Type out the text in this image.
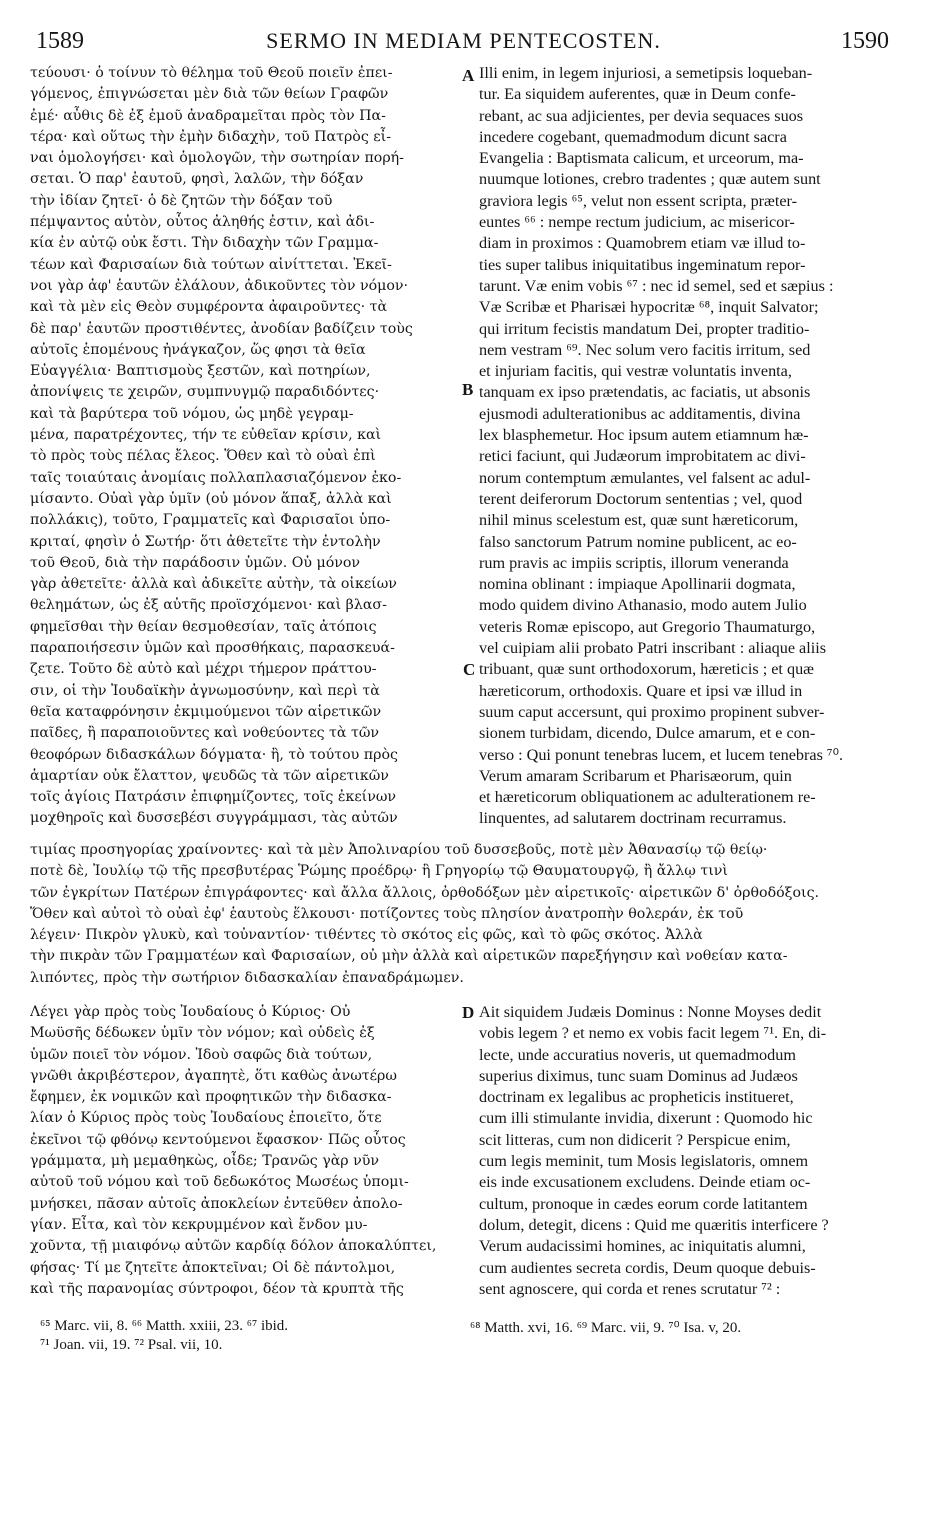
1589	SERMO IN MEDIAM PENTECOSTEN.	1590
τεύουσι· ὁ τοίνυν τὸ θέλημα τοῦ Θεοῦ ποιεῖν ἐπει-
γόμενος, ἐπιγνώσεται μὲν διὰ τῶν θείων Γραφῶν
ἐμέ· αὖθις δὲ ἐξ ἐμοῦ ἀναδραμεῖται πρὸς τὸν Πα-
τέρα· καὶ οὕτως τὴν ἐμὴν διδαχὴν, τοῦ Πατρὸς εἶ-
ναι ὁμολογήσει· καὶ ὁμολογῶν, τὴν σωτηρίαν πορή-
σεται. Ὁ παρ' ἑαυτοῦ, φησὶ, λαλῶν, τὴν δόξαν
τὴν ἰδίαν ζητεῖ· ὁ δὲ ζητῶν τὴν δόξαν τοῦ
πέμψαντος αὐτὸν, οὗτος ἀληθής ἐστιν, καὶ ἀδι-
κία ἐν αὐτῷ οὐκ ἔστι. Τὴν διδαχὴν τῶν Γραμμα-
τέων καὶ Φαρισαίων διὰ τούτων αἰνίττεται. Ἐκεῖ-
νοι γὰρ ἀφ' ἑαυτῶν ἐλάλουν, ἀδικοῦντες τὸν νόμον·
καὶ τὰ μὲν εἰς Θεὸν συμφέροντα ἀφαιροῦντες· τὰ
δὲ παρ' ἑαυτῶν προστιθέντες, ἀνοδίαν βαδίζειν τοὺς
αὐτοῖς ἑπομένους ἠνάγκαζον, ὥς φησι τὰ θεῖα
Εὐαγγέλια· Βαπτισμοὺς ξεστῶν, καὶ ποτηρίων,
ἀπονίψεις τε χειρῶν, συμπνυγμῷ παραδιδόντες·
καὶ τὰ βαρύτερα τοῦ νόμου, ὡς μηδὲ γεγραμ-
μένα, παρατρέχοντες, τήν τε εὐθεῖαν κρίσιν, καὶ
τὸ πρὸς τοὺς πέλας ἔλεος. Ὅθεν καὶ τὸ οὐαὶ ἐπὶ
ταῖς τοιαύταις ἀνομίαις πολλαπλασιαζόμενον ἐκο-
μίσαντο. Οὐαὶ γὰρ ὑμῖν (οὐ μόνον ἅπαξ, ἀλλὰ καὶ
πολλάκις), τοῦτο, Γραμματεῖς καὶ Φαρισαῖοι ὑπο-
κριταί, φησὶν ὁ Σωτήρ· ὅτι ἀθετεῖτε τὴν ἐντολὴν
τοῦ Θεοῦ, διὰ τὴν παράδοσιν ὑμῶν. Οὐ μόνον
γὰρ ἀθετεῖτε· ἀλλὰ καὶ ἀδικεῖτε αὐτὴν, τὰ οἰκείων
θελημάτων, ὡς ἐξ αὐτῆς προϊσχόμενοι· καὶ βλασ-
φημεῖσθαι τὴν θείαν θεσμοθεσίαν, ταῖς ἀτόποις
παραποιήσεσιν ὑμῶν καὶ προσθήκαις, παρασκευά-
ζετε. Τοῦτο δὲ αὐτὸ καὶ μέχρι τήμερον πράττου-
σιν, οἱ τὴν Ἰουδαϊκὴν ἀγνωμοσύνην, καὶ περὶ τὰ
θεῖα καταφρόνησιν ἐκμιμούμενοι τῶν αἱρετικῶν
παῖδες, ἢ παραποιοῦντες καὶ νοθεύοντες τὰ τῶν
θεοφόρων διδασκάλων δόγματα· ἢ, τὸ τούτου πρὸς
ἁμαρτίαν οὐκ ἔλαττον, ψευδῶς τὰ τῶν αἱρετικῶν
τοῖς ἁγίοις Πατράσιν ἐπιφημίζοντες, τοῖς ἐκείνων
μοχθηροῖς καὶ δυσσεβέσι συγγράμμασι, τὰς αὐτῶν
Illi enim, in legem injuriosi, a semetipsis loqueban-
tur. Ea siquidem auferentes, quæ in Deum confe-
rebant, ac sua adjicientes, per devia sequaces suos
incedere cogebant, quemadmodum dicunt sacra
Evangelia : Baptismata calicum, et urceorum, ma-
nuumque lotiones, crebro tradentes ; quæ autem sunt
graviora legis ⁶⁵, velut non essent scripta, præter-
euntes ⁶⁶ : nempe rectum judicium, ac misericor-
diam in proximos : Quamobrem etiam væ illud to-
ties super talibus iniquitatibus ingeminatum repor-
tarunt. Væ enim vobis ⁶⁷ : nec id semel, sed et sæpius :
Væ Scribæ et Pharisæi hypocritæ ⁶⁸, inquit Salvator;
qui irritum fecistis mandatum Dei, propter traditio-
nem vestram ⁶⁹. Nec solum vero facitis irritum, sed
et injuriam facitis, qui vestræ voluntatis inventa,
tanquam ex ipso prætendatis, ac faciatis, ut absonis
ejusmodi adulterationibus ac additamentis, divina
lex blasphemetur. Hoc ipsum autem etiamnum hæ-
retici faciunt, qui Judæorum improbitatem ac divi-
norum contemptum æmulantes, vel falsent ac adul-
terent deiferorum Doctorum sententias ; vel, quod
nihil minus scelestum est, quæ sunt hæreticorum,
falso sanctorum Patrum nomine publicent, ac eo-
rum pravis ac impiis scriptis, illorum veneranda
nomina oblinant : impiaque Apollinarii dogmata,
modo quidem divino Athanasio, modo autem Julio
veteris Romæ episcopo, aut Gregorio Thaumaturgo,
vel cuipiam alii probato Patri inscribant : aliaque aliis
tribuant, quæ sunt orthodoxorum, hæreticis ; et quæ
hæreticorum, orthodoxis. Quare et ipsi væ illud in
suum caput accersunt, qui proximo propinent subver-
sionem turbidam, dicendo, Dulce amarum, et e con-
verso : Qui ponunt tenebras lucem, et lucem tenebras ⁷⁰.
Verum amaram Scribarum et Pharisæorum, quin
et hæreticorum obliquationem ac adulterationem re-
linquentes, ad salutarem doctrinam recurramus.
τιμίας προσηγορίας χραίνοντες· καὶ τὰ μὲν Ἀπολιναρίου τοῦ δυσσεβοῦς, ποτὲ μὲν Ἀθανασίῳ τῷ θείῳ·
ποτὲ δὲ, Ἰουλίῳ τῷ τῆς πρεσβυτέρας Ῥώμης προέδρῳ· ἢ Γρηγορίῳ τῷ Θαυματουργῷ, ἢ ἄλλῳ τινὶ
τῶν ἐγκρίτων Πατέρων ἐπιγράφοντες· καὶ ἄλλα ἄλλοις, ὀρθοδόξων μὲν αἱρετικοῖς· αἱρετικῶν δ' ὀρθοδόξοις.
Ὅθεν καὶ αὐτοὶ τὸ οὐαὶ ἐφ' ἑαυτοὺς ἕλκουσι· ποτίζοντες τοὺς πλησίον ἀνατροπὴν θολεράν, ἐκ τοῦ
λέγειν· Πικρὸν γλυκὺ, καὶ τοὐναντίον· τιθέντες τὸ σκότος εἰς φῶς, καὶ τὸ φῶς σκότος. Ἀλλὰ
τὴν πικρὰν τῶν Γραμματέων καὶ Φαρισαίων, οὐ μὴν ἀλλὰ καὶ αἱρετικῶν παρεξήγησιν καὶ νοθείαν κατα-
λιπόντες, πρὸς τὴν σωτήριον διδασκαλίαν ἐπαναδράμωμεν.
Λέγει γὰρ πρὸς τοὺς Ἰουδαίους ὁ Κύριος· Οὐ
Μωϋσῆς δέδωκεν ὑμῖν τὸν νόμον; καὶ οὐδεὶς ἐξ
ὑμῶν ποιεῖ τὸν νόμον. Ἰδοὺ σαφῶς διὰ τούτων,
γνῶθι ἀκριβέστερον, ἀγαπητὲ, ὅτι καθὼς ἀνωτέρω
ἔφημεν, ἐκ νομικῶν καὶ προφητικῶν τὴν διδασκα-
λίαν ὁ Κύριος πρὸς τοὺς Ἰουδαίους ἐποιεῖτο, ὅτε
ἐκεῖνοι τῷ φθόνῳ κεντούμενοι ἔφασκον· Πῶς οὗτος
γράμματα, μὴ μεμαθηκὼς, οἶδε; Τρανῶς γὰρ νῦν
αὐτοῦ τοῦ νόμου καὶ τοῦ δεδωκότος Μωσέως ὑπομι-
μνήσκει, πᾶσαν αὐτοῖς ἀποκλείων ἐντεῦθεν ἀπολο-
γίαν. Εἶτα, καὶ τὸν κεκρυμμένον καὶ ἔνδον μυ-
χοῦντα, τῇ μιαιφόνῳ αὐτῶν καρδίᾳ δόλον ἀποκαλύπτει,
φήσας· Τί με ζητεῖτε ἀποκτεῖναι; Οἱ δὲ πάντολμοι,
καὶ τῆς παρανομίας σύντροφοι, δέον τὰ κρυπτὰ τῆς
Ait siquidem Judæis Dominus : Nonne Moyses dedit
vobis legem ? et nemo ex vobis facit legem ⁷¹. En, di-
lecte, unde accuratius noveris, ut quemadmodum
superius diximus, tunc suam Dominus ad Judæos
doctrinam ex legalibus ac propheticis institueret,
cum illi stimulante invidia, dixerunt : Quomodo hic
scit litteras, cum non didicerit ? Perspicue enim,
cum legis meminit, tum Mosis legislatoris, omnem
eis inde excusationem excludens. Deinde etiam oc-
cultum, pronoque in cædes eorum corde latitantem
dolum, detegit, dicens : Quid me quæritis interficere ?
Verum audacissimi homines, ac iniquitatis alumni,
cum audientes secreta cordis, Deum quoque debuis-
sent agnoscere, qui corda et renes scrutatur ⁷² :
A
B
C
D
⁶⁵ Marc. vii, 8. ⁶⁶ Matth. xxiii, 23. ⁶⁷ ibid.
⁷¹ Joan. vii, 19. ⁷² Psal. vii, 10.
⁶⁸ Matth. xvi, 16. ⁶⁹ Marc. vii, 9. ⁷⁰ Isa. v, 20.
